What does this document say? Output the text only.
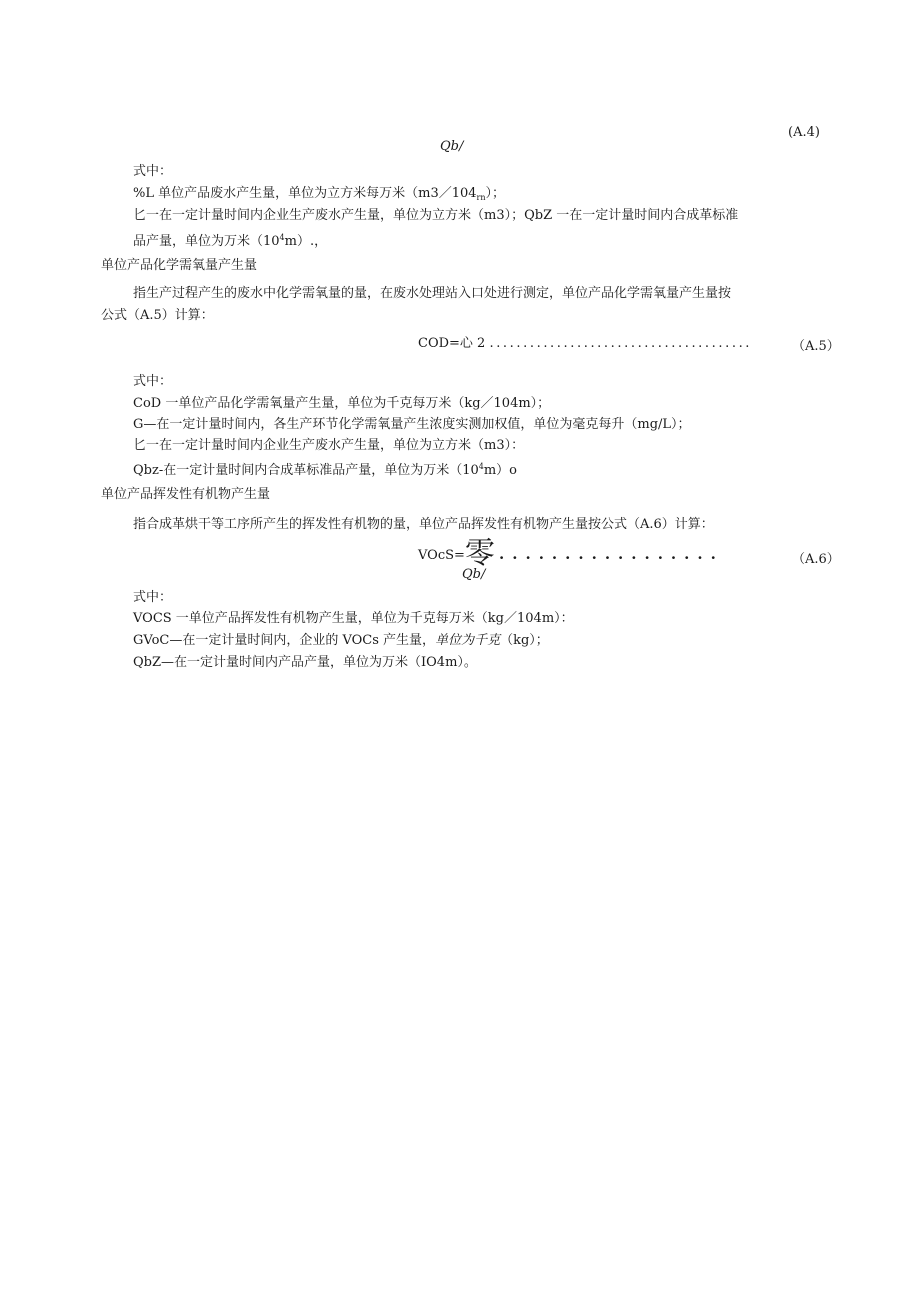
(A.4)
Qb/
式中：
%L 单位产品废水产生量，单位为立方米每万米$(m3/104_{rn})$；
匕一在一定计量时间内企业生产废水产生量，单位为立方米（m3）；QbZ 一在一定计量时间内合成革标准
品产量，单位为万米$(10^4m)$.，
单位产品化学需氧量产生量
指生产过程产生的废水中化学需氧量的量，在废水处理站入口处进行测定，单位产品化学需氧量产生量按
公式（A.5）计算：
COD=心 2 .......................................	（A.5）
式中：
CoD 一单位产品化学需氧量产生量，单位为千克每万米（kg／104m）；
G—在一定计量时间内，各生产环节化学需氧量产生浓度实测加权值，单位为毫克每升（mg/L）；
匕一在一定计量时间内企业生产废水产生量，单位为立方米（m3）：
Qbz-在一定计量时间内合成革标准品产量，单位为万米$(10^4m)o$
单位产品挥发性有机物产生量
指合成革烘干等工序所产生的挥发性有机物的量，单位产品挥发性有机物产生量按公式（A.6）计算：
VOcS=零 .................	（A.6）
Qb/
式中：
VOCS 一单位产品挥发性有机物产生量，单位为千克每万米（kg／104m）：
GVoC—在一定计量时间内，企业的 VOCs 产生量，单位为千克（kg）；
QbZ—在一定计量时间内产品产量，单位为万米（IO4m）。
